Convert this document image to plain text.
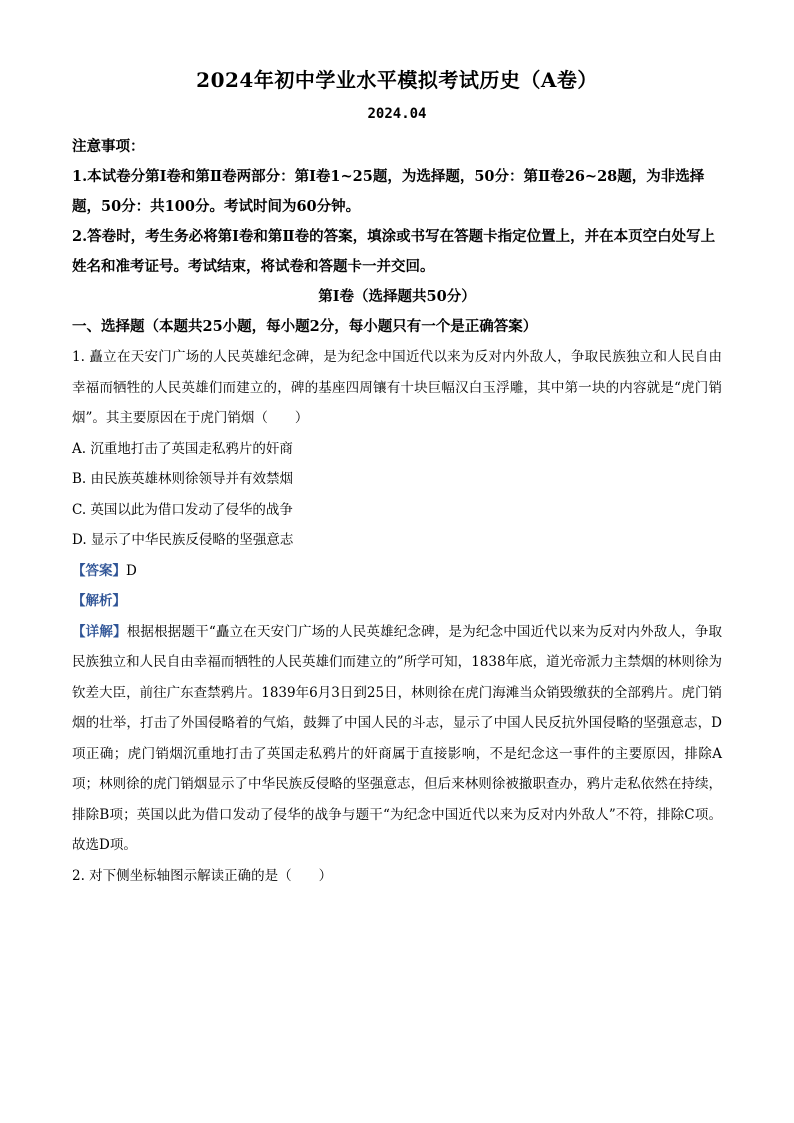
2024年初中学业水平模拟考试历史（A卷）
2024.04

注意事项：

1.本试卷分第Ⅰ卷和第Ⅱ卷两部分：第Ⅰ卷1~25题，为选择题，50分：第Ⅱ卷26~28题，为非选择题，50分：共100分。考试时间为60分钟。

2.答卷时，考生务必将第Ⅰ卷和第Ⅱ卷的答案，填涂或书写在答题卡指定位置上，并在本页空白处写上姓名和准考证号。考试结束，将试卷和答题卡一并交回。

第Ⅰ卷（选择题共50分）

一、选择题（本题共25小题，每小题2分，每小题只有一个是正确答案）

1. 矗立在天安门广场的人民英雄纪念碑，是为纪念中国近代以来为反对内外敌人，争取民族独立和人民自由幸福而牺牲的人民英雄们而建立的，碑的基座四周镶有十块巨幅汉白玉浮雕，其中第一块的内容就是“虎门销烟”。其主要原因在于虎门销烟（　　）

A. 沉重地打击了英国走私鸦片的奸商
B. 由民族英雄林则徐领导并有效禁烟
C. 英国以此为借口发动了侵华的战争
D. 显示了中华民族反侵略的坚强意志
【答案】D
【解析】

【详解】根据根据题干“矗立在天安门广场的人民英雄纪念碑，是为纪念中国近代以来为反对内外敌人，争取民族独立和人民自由幸福而牺牲的人民英雄们而建立的”所学可知，1838年底，道光帝派力主禁烟的林则徐为钦差大臣，前往广东查禁鸦片。1839年6月3日到25日，林则徐在虎门海滩当众销毁缴获的全部鸦片。虎门销烟的壮举，打击了外国侵略着的气焰，鼓舞了中国人民的斗志，显示了中国人民反抗外国侵略的坚强意志，D项正确；虎门销烟沉重地打击了英国走私鸦片的奸商属于直接影响，不是纪念这一事件的主要原因，排除A项；林则徐的虎门销烟显示了中华民族反侵略的坚强意志，但后来林则徐被撤职查办，鸦片走私依然在持续，排除B项；英国以此为借口发动了侵华的战争与题干“为纪念中国近代以来为反对内外敌人”不符，排除C项。故选D项。

2. 对下侧坐标轴图示解读正确的是（　　）
